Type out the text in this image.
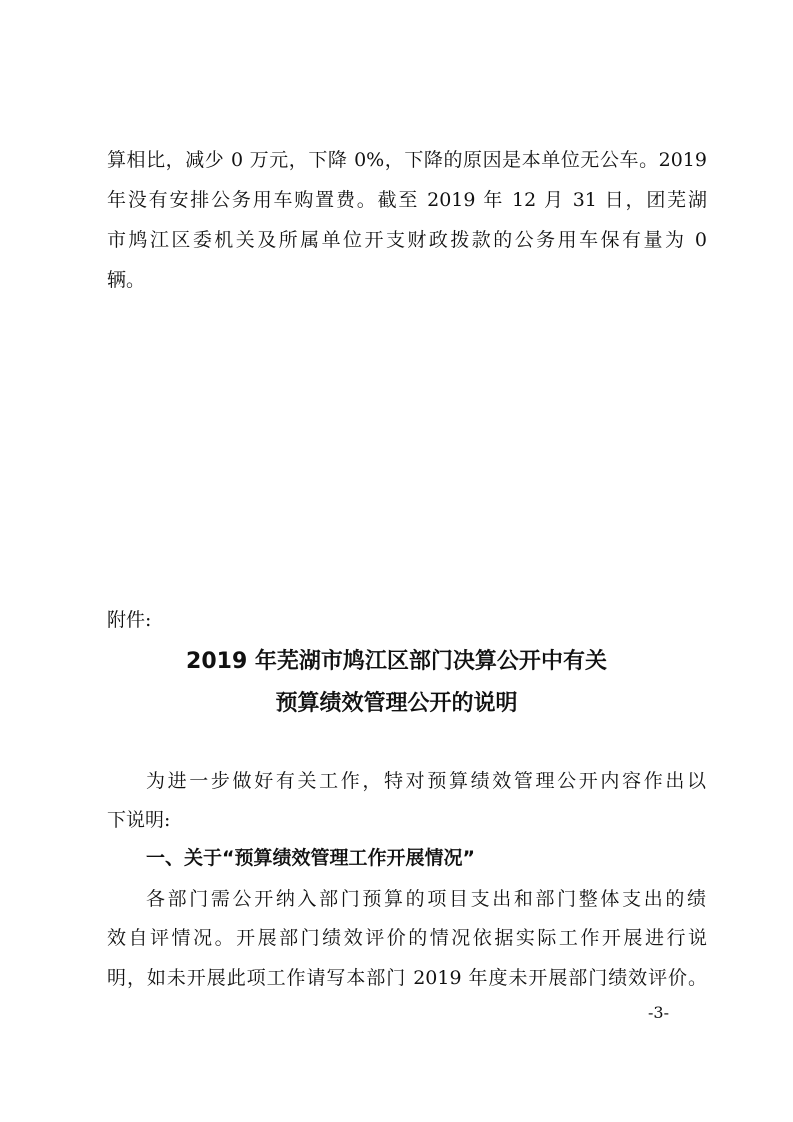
算相比，减少 0 万元，下降 0%，下降的原因是本单位无公车。2019
年没有安排公务用车购置费。截至 2019 年 12 月 31 日，团芜湖
市鸠江区委机关及所属单位开支财政拨款的公务用车保有量为 0
辆。
附件:
2019 年芜湖市鸠江区部门决算公开中有关
预算绩效管理公开的说明
为进一步做好有关工作，特对预算绩效管理公开内容作出以
下说明:
一、关于“预算绩效管理工作开展情况”
各部门需公开纳入部门预算的项目支出和部门整体支出的绩
效自评情况。开展部门绩效评价的情况依据实际工作开展进行说
明，如未开展此项工作请写本部门 2019 年度未开展部门绩效评价。
-3-
